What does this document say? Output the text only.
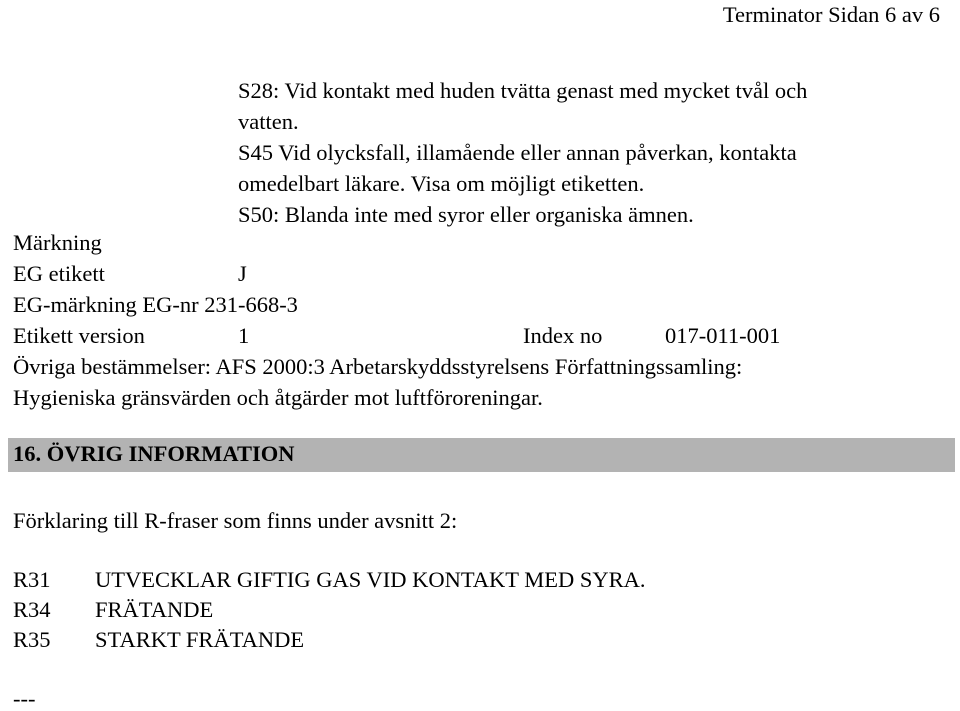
Terminator Sidan 6 av 6
S28: Vid kontakt med huden tvätta genast med mycket tvål och
vatten.
S45 Vid olycksfall, illamående eller annan påverkan, kontakta
omedelbart läkare. Visa om möjligt etiketten.
S50: Blanda inte med syror eller organiska ämnen.
Märkning
EG etikett	J
EG-märkning EG-nr 231-668-3
Etikett version	1	Index no	017-011-001
Övriga bestämmelser: AFS 2000:3 Arbetarskyddsstyrelsens Författningssamling:
Hygieniska gränsvärden och åtgärder mot luftföroreningar.
16. ÖVRIG INFORMATION
Förklaring till R-fraser som finns under avsnitt 2:
R31 UTVECKLAR GIFTIG GAS VID KONTAKT MED SYRA.
R34 FRÄTANDE
R35 STARKT FRÄTANDE
---
